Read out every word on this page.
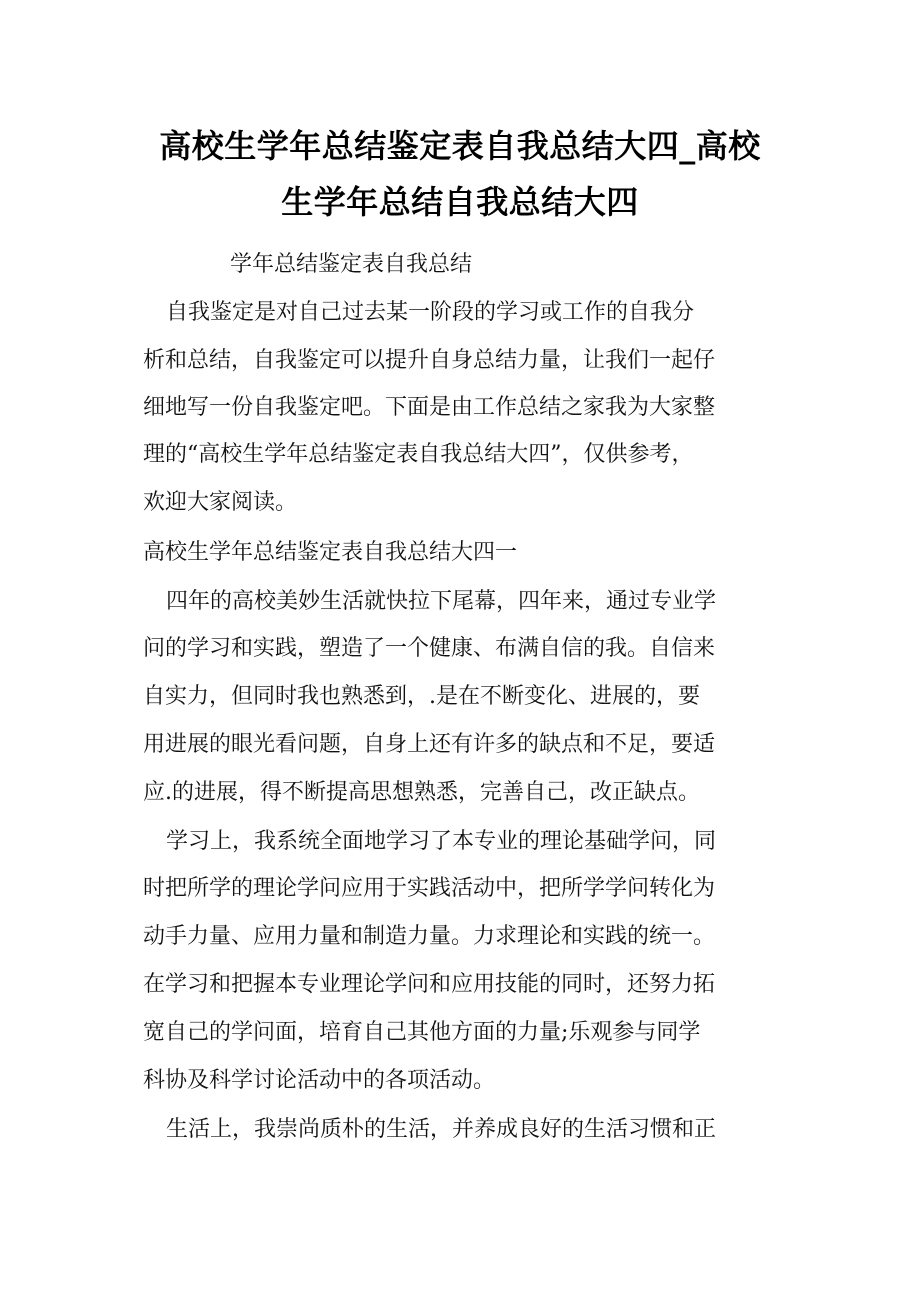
高校生学年总结鉴定表自我总结大四_高校
生学年总结自我总结大四
学年总结鉴定表自我总结
自我鉴定是对自己过去某一阶段的学习或工作的自我分
析和总结，自我鉴定可以提升自身总结力量，让我们一起仔
细地写一份自我鉴定吧。下面是由工作总结之家我为大家整
理的“高校生学年总结鉴定表自我总结大四”，仅供参考，
欢迎大家阅读。
高校生学年总结鉴定表自我总结大四一
四年的高校美妙生活就快拉下尾幕，四年来，通过专业学
问的学习和实践，塑造了一个健康、布满自信的我。自信来
自实力，但同时我也熟悉到，.是在不断变化、进展的，要
用进展的眼光看问题，自身上还有许多的缺点和不足，要适
应.的进展，得不断提高思想熟悉，完善自己，改正缺点。
学习上，我系统全面地学习了本专业的理论基础学问，同
时把所学的理论学问应用于实践活动中，把所学学问转化为
动手力量、应用力量和制造力量。力求理论和实践的统一。
在学习和把握本专业理论学问和应用技能的同时，还努力拓
宽自己的学问面，培育自己其他方面的力量;乐观参与同学
科协及科学讨论活动中的各项活动。
生活上，我崇尚质朴的生活，并养成良好的生活习惯和正
